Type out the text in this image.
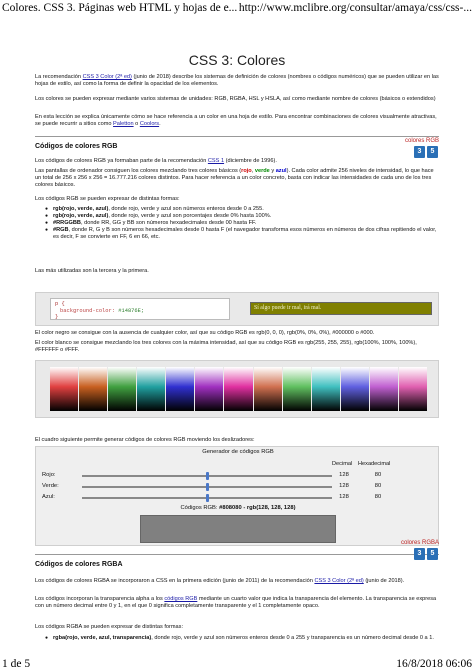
Colores. CSS 3. Páginas web HTML y hojas de e... http://www.mclibre.org/consultar/amaya/css/css-...
CSS 3: Colores

La recomendación CSS 3 Color (2ª ed) (junio de 2018) describe los sistemas de definición de colores (nombres o códigos numéricos) que se pueden utilizar en las hojas de estilo, así como la forma de definir la opacidad de los elementos.

Los colores se pueden expresar mediante varios sistemas de unidades: RGB, RGBA, HSL y HSLA, así como mediante nombre de colores (básicos o extendidos)

En esta lección se explica únicamente cómo se hace referencia a un color en una hoja de estilo. Para encontrar combinaciones de colores visualmente atractivas, se puede recurrir a sitios como Paletton o Coolors.

Códigos de colores RGB
colores RGB
3	5

Los códigos de colores RGB ya formaban parte de la recomendación CSS 1 (diciembre de 1996).

Las pantallas de ordenador consiguen los colores mezclando tres colores básicos (rojo, verde y azul). Cada color admite 256 niveles de intensidad, lo que hace un total de 256 x 256 x 256 = 16.777.216 colores distintos. Para hacer referencia a un color concreto, basta con indicar las intensidades de cada uno de los tres colores básicos.

Los códigos RGB se pueden expresar de distintas formas:

● rgb(rojo, verde, azul), donde rojo, verde y azul son números enteros desde 0 a 255.
● rgb(rojo, verde, azul), donde rojo, verde y azul son porcentajes desde 0% hasta 100%.
● #RRGGBB, donde RR, GG y BB son números hexadecimales desde 00 hasta FF.
● #RGB, donde R, G y B son números hexadecimales desde 0 hasta F (el navegador transforma esos números en números de dos cifras repitiendo el valor, es decir, F se convierte en FF, 6 en 66, etc.

Las más utilizadas son la tercera y la primera.

p {
background-color: #14876E;
}
Sí algo puede ir mal, irá mal.

El color negro se consigue con la ausencia de cualquier color, así que su código RGB es rgb(0, 0, 0), rgb(0%, 0%, 0%), #000000 o #000.

El color blanco se consigue mezclando los tres colores con la máxima intensidad, así que su código RGB es rgb(255, 255, 255), rgb(100%, 100%, 100%), #FFFFFF o #FFF.

El cuadro siguiente permite generar códigos de colores RGB moviendo los deslizadores:

Generador de códigos RGB
Decimal Hexadecimal
Rojo:	128	80
Verde:	128	80
Azul:	128	80
Códigos RGB: #808080 - rgb(128, 128, 128)
Códigos de colores RGBA
colores RGBA
3	5

Los códigos de colores RGBA se incorporaron a CSS en la primera edición (junio de 2011) de la recomendación CSS 3 Color (2ª ed) (junio de 2018).

Los códigos incorporan la transparencia alpha a los códigos RGB mediante un cuarto valor que indica la transparencia del elemento. La transparencia se expresa con un número decimal entre 0 y 1, en el que 0 significa completamente transparente y el 1 completamente opaco.

Los códigos RGBA se pueden expresar de distintas formas:

● rgba(rojo, verde, azul, transparencia), donde rojo, verde y azul son números enteros desde 0 a 255 y transparencia es un número decimal desde 0 a 1.
1 de 5	16/8/2018 06:06
